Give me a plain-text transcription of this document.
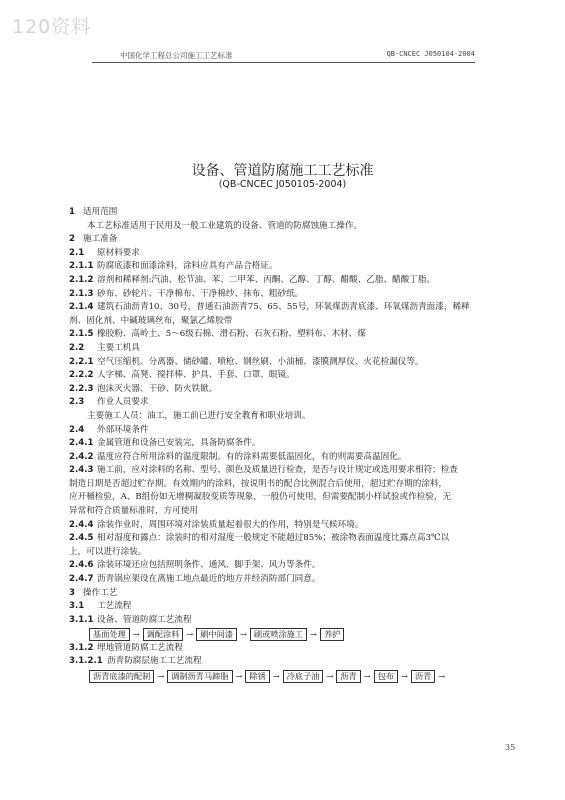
120资料
中国化学工程总公司施工工艺标准	QB-CNCEC J050104-2004
设备、管道防腐施工工艺标准
(QB-CNCEC J050105-2004)
1 适用范围
本工艺标准适用于民用及一般工业建筑的设备、管道的防腐蚀施工操作。
2 施工准备
2.1 原材料要求
2.1.1 防腐底漆和面漆涂料，涂料应具有产品合格证。
2.1.2 溶剂和稀释剂:汽油、松节油、苯、二甲苯、丙酮、乙醇、丁醇、醋酸、乙脂、醋酸丁脂。
2.1.3 砂布、砂轮片、干净棉布、干净棉纱、抹布、粗砂纸。
2.1.4 建筑石油沥青10、30号，普通石油沥青75、65、55号，环氧煤沥青底漆、环氧煤沥青面漆，稀释
剂、固化剂、中碱玻璃丝布，聚氯乙烯胶带
2.1.5 橡胶粉、高岭土、5～6级石棉、滑石粉、石灰石粉、塑料布、木材、煤
2.2 主要工机具
2.2.1 空气压缩机、分离器、储砂罐、喷枪、钢丝刷、小油桶、漆膜测厚仪、火花检漏仪等。
2.2.2 人字梯、高凳、搅拌棒、护具、手套、口罩、眼镜。
2.2.3 泡沫灭火器、干砂、防火铁锨。
2.3 作业人员要求
主要施工人员：油工，施工前已进行安全教育和职业培训。
2.4 外部环境条件
2.4.1 金属管道和设备已安装完，具备防腐条件。
2.4.2 温度应符合所用涂料的温度限制。有的涂料需要低温固化，有的则需要高温固化。
2.4.3 施工前，应对涂料的名称、型号、颜色及质量进行检查，是否与设计规定或选用要求相符；检查
制造日期是否超过贮存期。有效期内的涂料，按说明书的配合比例混合后使用，超过贮存期的涂料，
应开桶检验，A、B组份如无增稠凝胶变质等现象，一般仍可使用，但需要配制小样试验或作检验，无
异常和符合质量标准时，方可使用
2.4.4 涂装作业时，周围环境对涂装质量起着很大的作用，特别是气候环境。
2.4.5 相对湿度和露点：涂装时的相对湿度一般规定不能超过85%；被涂物表面温度比露点高3℃以
上，可以进行涂装。
2.4.6 涂装环境还应包括照明条件、通风、脚手架、风力等条件。
2.4.7 沥青锅应架设在离施工地点最近的地方并经消防部门同意。
3 操作工艺
3.1 工艺流程
3.1.1 设备、管道防腐工艺流程
基面处理 → 调配涂料 → 刷中间漆 → 刷或喷涂施工 → 养护
3.1.2 埋地管道防腐工艺流程
3.1.2.1 沥青防腐层施工工艺流程
沥青底漆的配制 → 调制沥青马蹄脂 → 除锈 → 冷底子油 → 沥青 → 包布 → 沥青 →
35
